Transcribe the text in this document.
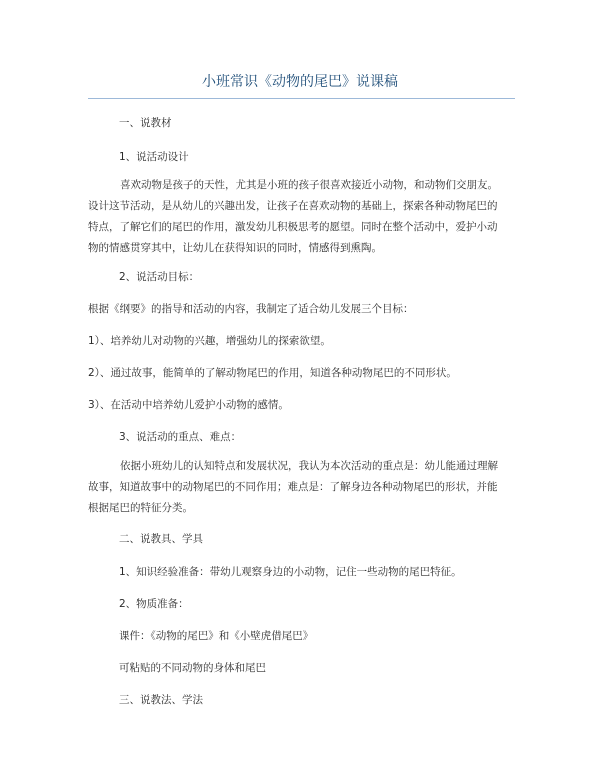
小班常识《动物的尾巴》说课稿
一、说教材
1、说活动设计
喜欢动物是孩子的天性，尤其是小班的孩子很喜欢接近小动物，和动物们交朋友。
设计这节活动，是从幼儿的兴趣出发，让孩子在喜欢动物的基础上，探索各种动物尾巴的
特点，了解它们的尾巴的作用，激发幼儿积极思考的愿望。同时在整个活动中，爱护小动
物的情感贯穿其中，让幼儿在获得知识的同时，情感得到熏陶。
2、说活动目标：
根据《纲要》的指导和活动的内容，我制定了适合幼儿发展三个目标：
1）、培养幼儿对动物的兴趣，增强幼儿的探索欲望。
2）、通过故事，能简单的了解动物尾巴的作用，知道各种动物尾巴的不同形状。
3）、在活动中培养幼儿爱护小动物的感情。
3、说活动的重点、难点：
依据小班幼儿的认知特点和发展状况，我认为本次活动的重点是：幼儿能通过理解
故事，知道故事中的动物尾巴的不同作用；难点是：了解身边各种动物尾巴的形状，并能
根据尾巴的特征分类。
二、说教具、学具
1、知识经验准备：带幼儿观察身边的小动物，记住一些动物的尾巴特征。
2、物质准备：
课件：《动物的尾巴》和《小壁虎借尾巴》
可粘贴的不同动物的身体和尾巴
三、说教法、学法
